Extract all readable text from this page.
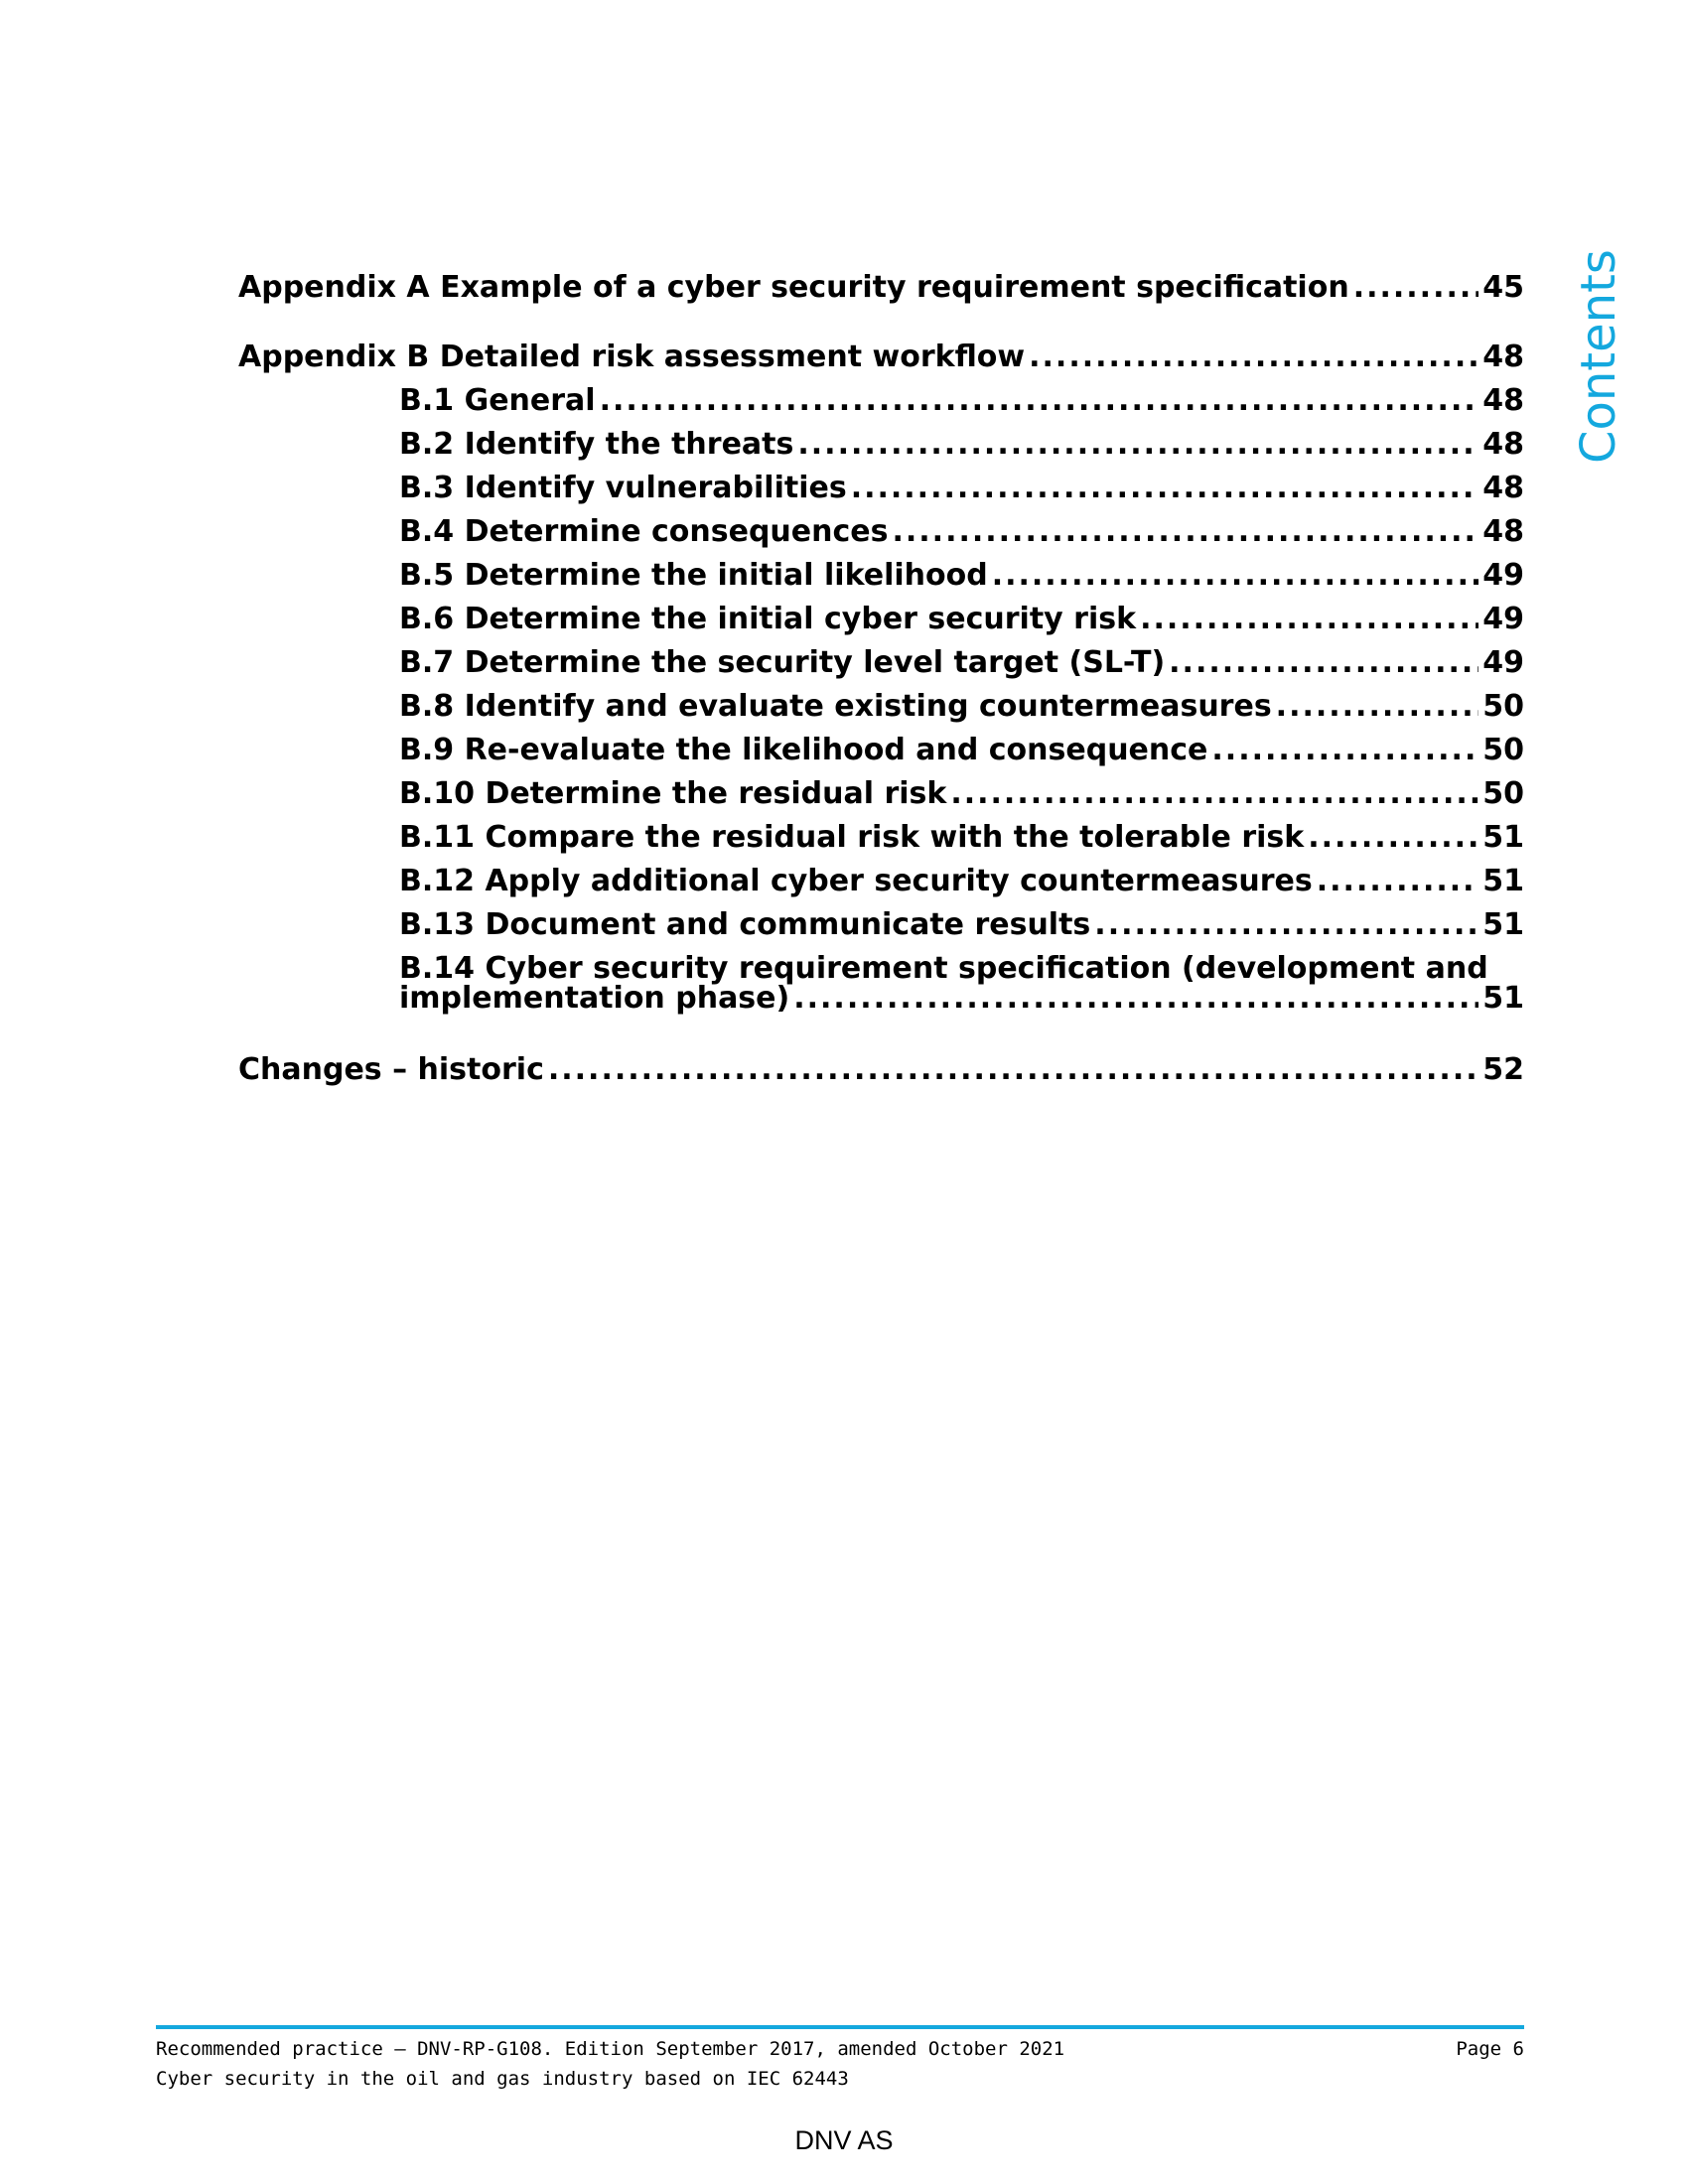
Contents
Appendix A Example of a cyber security requirement specification .....	45
Appendix B Detailed risk assessment workflow .....	48
B.1 General .....	48
B.2 Identify the threats .....	48
B.3 Identify vulnerabilities .....	48
B.4 Determine consequences .....	48
B.5 Determine the initial likelihood .....	49
B.6 Determine the initial cyber security risk .....	49
B.7 Determine the security level target (SL-T) .....	49
B.8 Identify and evaluate existing countermeasures .....	50
B.9 Re-evaluate the likelihood and consequence .....	50
B.10 Determine the residual risk .....	50
B.11 Compare the residual risk with the tolerable risk .....	51
B.12 Apply additional cyber security countermeasures .....	51
B.13 Document and communicate results .....	51
B.14 Cyber security requirement specification (development and
implementation phase) .....	51
Changes – historic .....	52
Recommended practice — DNV-RP-G108. Edition September 2017, amended October 2021
Cyber security in the oil and gas industry based on IEC 62443
Page 6
DNV AS
